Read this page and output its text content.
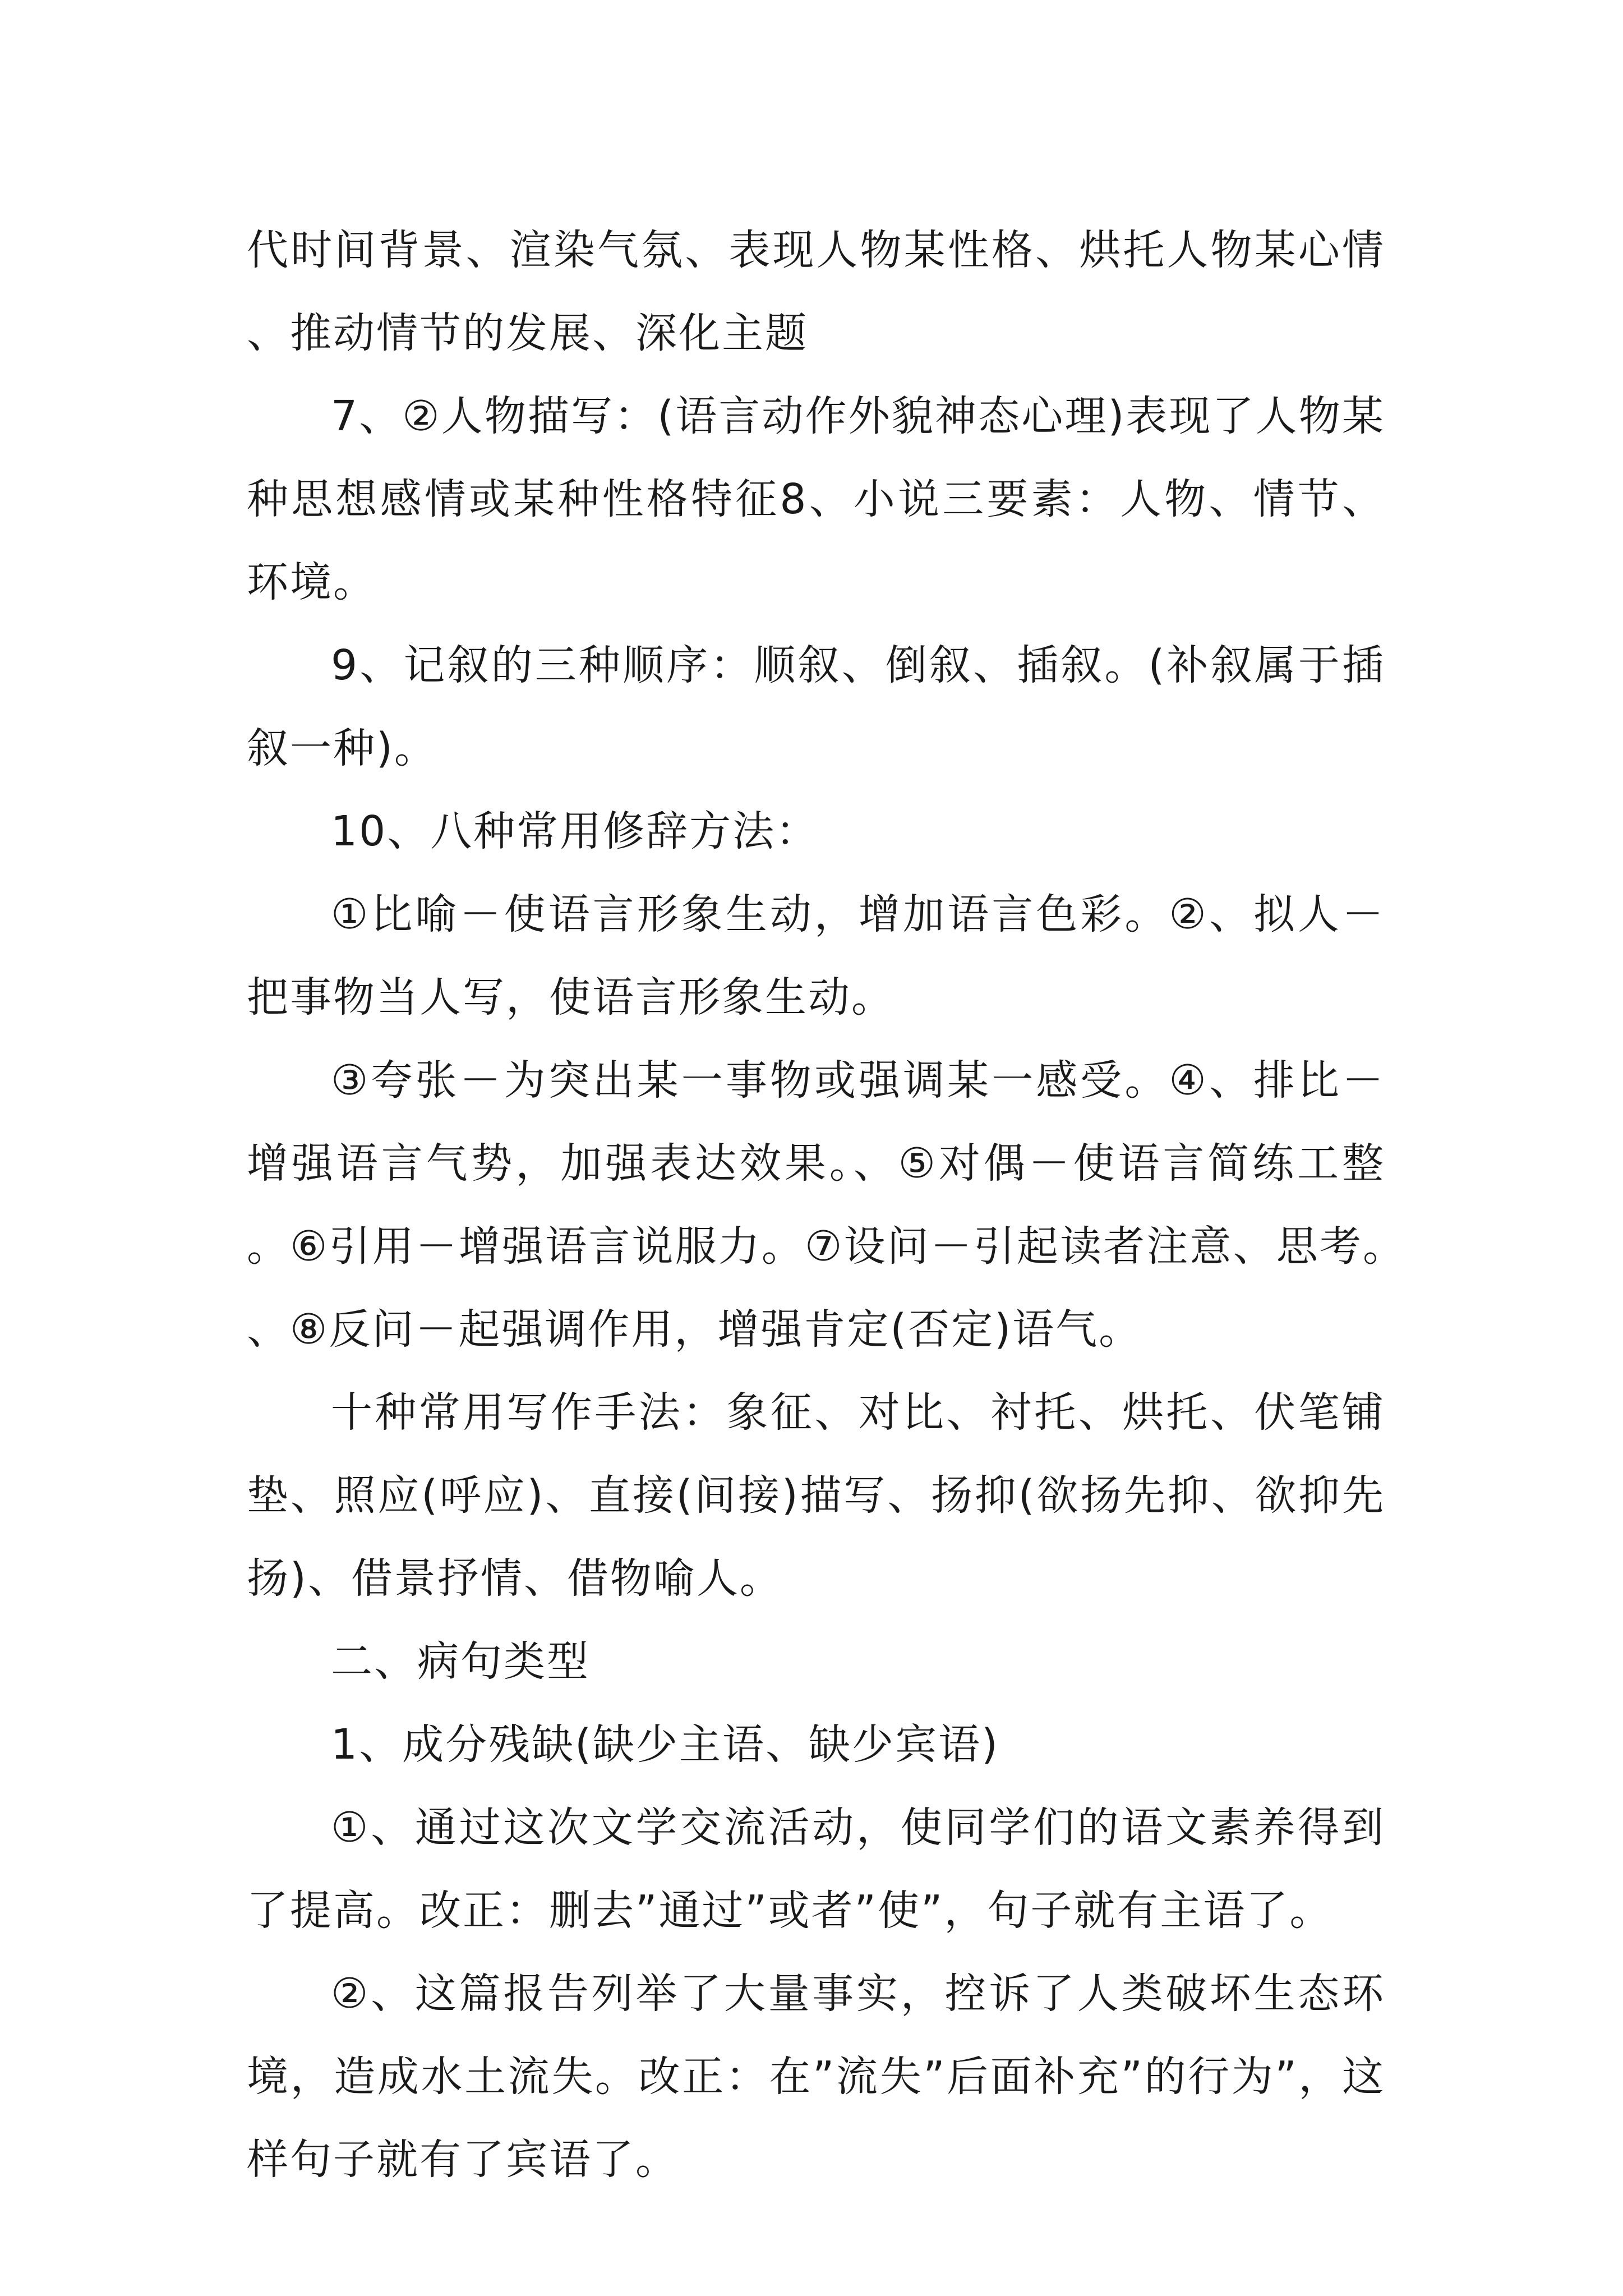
代时间背景、渲染气氛、表现人物某性格、烘托人物某心情、推动情节的发展、深化主题

7、②人物描写：(语言动作外貌神态心理)表现了人物某种思想感情或某种性格特征8、小说三要素：人物、情节、环境。

9、记叙的三种顺序：顺叙、倒叙、插叙。(补叙属于插叙一种)。

10、八种常用修辞方法：

①比喻－使语言形象生动，增加语言色彩。②、拟人－把事物当人写，使语言形象生动。

③夸张－为突出某一事物或强调某一感受。④、排比－增强语言气势，加强表达效果。、⑤对偶－使语言简练工整。⑥引用－增强语言说服力。⑦设问－引起读者注意、思考。、⑧反问－起强调作用，增强肯定(否定)语气。

十种常用写作手法：象征、对比、衬托、烘托、伏笔铺垫、照应(呼应)、直接(间接)描写、扬抑(欲扬先抑、欲抑先扬)、借景抒情、借物喻人。

二、病句类型

1、成分残缺(缺少主语、缺少宾语)

①、通过这次文学交流活动，使同学们的语文素养得到了提高。改正：删去”通过”或者”使”，句子就有主语了。

②、这篇报告列举了大量事实，控诉了人类破坏生态环境，造成水土流失。改正：在”流失”后面补充”的行为”，这样句子就有了宾语了。
